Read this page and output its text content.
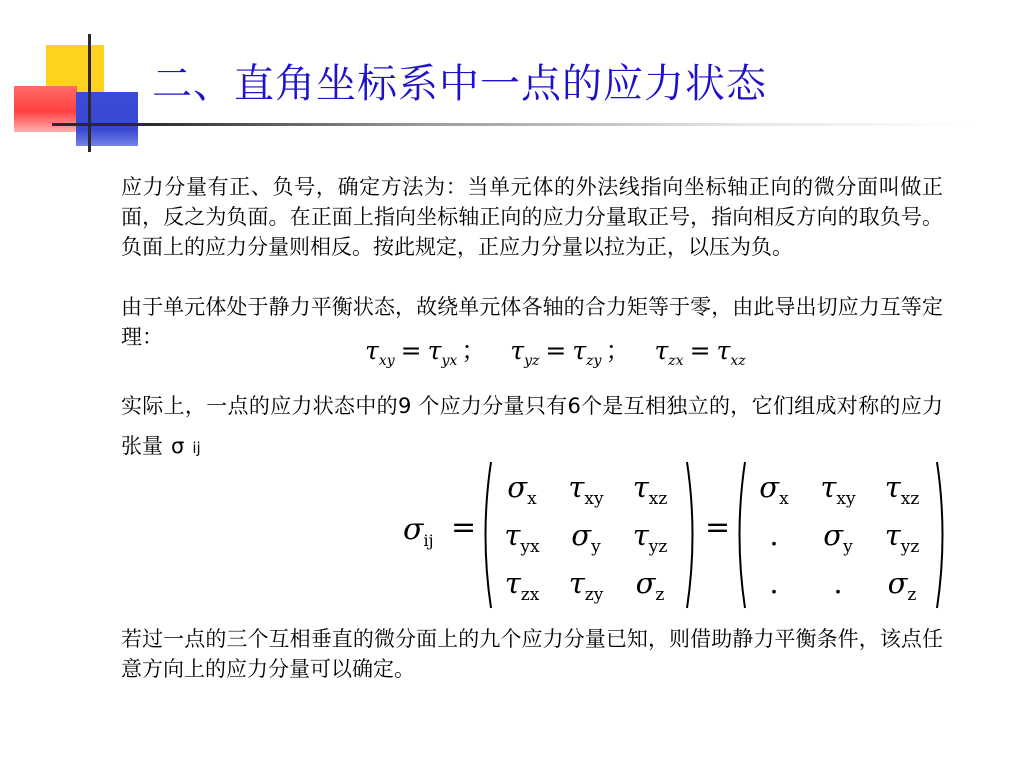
二、直角坐标系中一点的应力状态

应力分量有正、负号，确定方法为：当单元体的外法线指向坐标轴正向的微分面叫做正面，反之为负面。在正面上指向坐标轴正向的应力分量取正号，指向相反方向的取负号。负面上的应力分量则相反。按此规定，正应力分量以拉为正，以压为负。

由于单元体处于静力平衡状态，故绕单元体各轴的合力矩等于零，由此导出切应力互等定理：	$\tau_{xy} = \tau_{yx}$ ； $\tau_{yz} = \tau_{zy}$ ； $\tau_{zx} = \tau_{xz}$

实际上，一点的应力状态中的9 个应力分量只有6个是互相独立的，它们组成对称的应力张量 σ ij

$\sigma_{ij}$ =
$\sigma_x$	$\tau_{xy}$	$\tau_{xz}$
$\tau_{yx}$	$\sigma_y$	$\tau_{yz}$
$\tau_{zx}$	$\tau_{zy}$	$\sigma_z$
=
$\sigma_x$	$\tau_{xy}$	$\tau_{xz}$
.	$\sigma_y$	$\tau_{yz}$
.	.	$\sigma_z$

若过一点的三个互相垂直的微分面上的九个应力分量已知，则借助静力平衡条件，该点任意方向上的应力分量可以确定。
